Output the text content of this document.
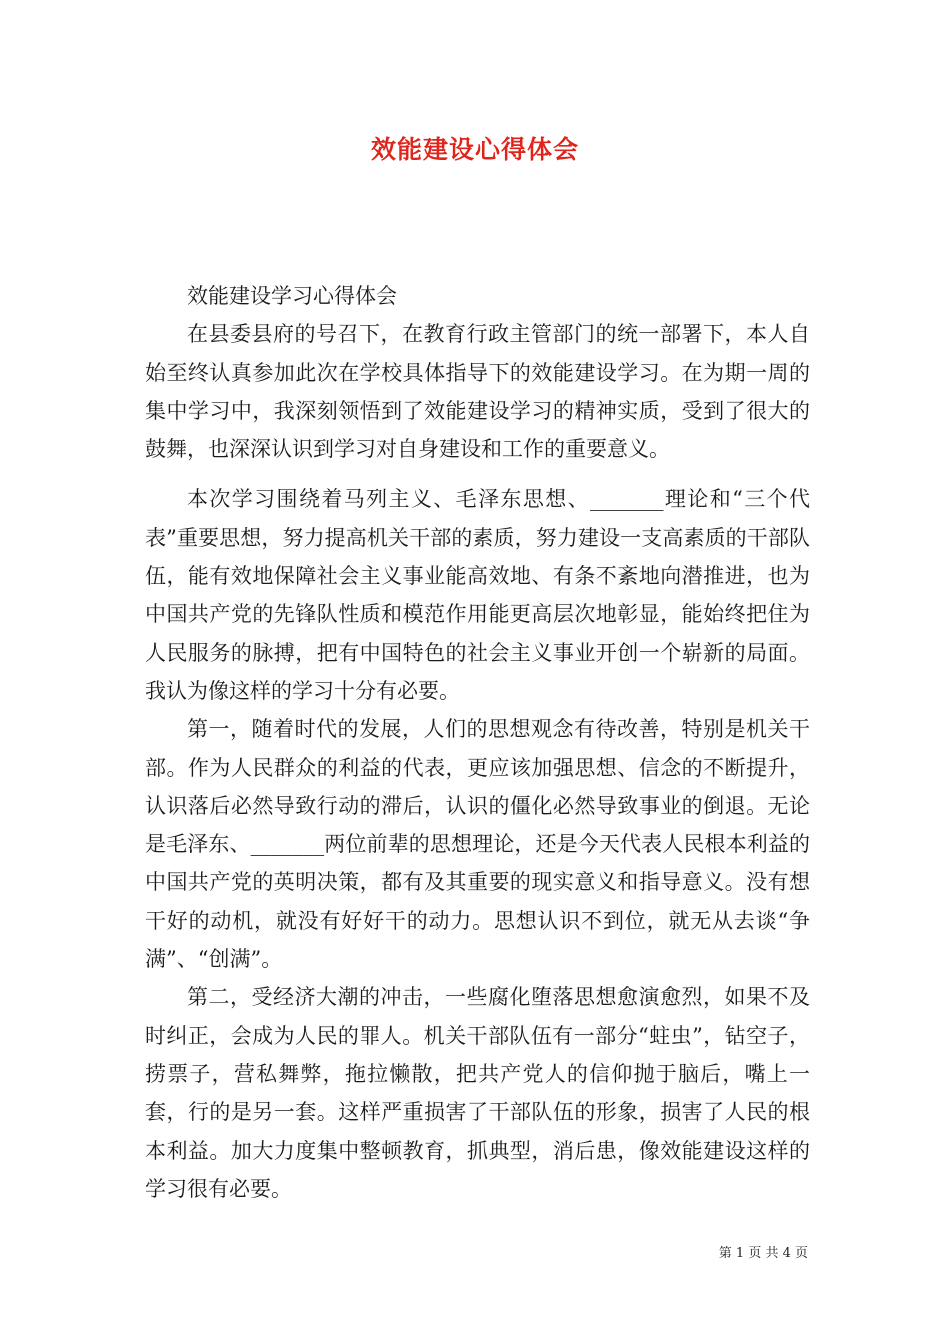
效能建设心得体会

效能建设学习心得体会

在县委县府的号召下，在教育行政主管部门的统一部署下，本人自始至终认真参加此次在学校具体指导下的效能建设学习。在为期一周的集中学习中，我深刻领悟到了效能建设学习的精神实质，受到了很大的鼓舞，也深深认识到学习对自身建设和工作的重要意义。

本次学习围绕着马列主义、毛泽东思想、_______理论和“三个代表”重要思想，努力提高机关干部的素质，努力建设一支高素质的干部队伍，能有效地保障社会主义事业能高效地、有条不紊地向潜推进，也为中国共产党的先锋队性质和模范作用能更高层次地彰显，能始终把住为人民服务的脉搏，把有中国特色的社会主义事业开创一个崭新的局面。我认为像这样的学习十分有必要。

第一，随着时代的发展，人们的思想观念有待改善，特别是机关干部。作为人民群众的利益的代表，更应该加强思想、信念的不断提升，认识落后必然导致行动的滞后，认识的僵化必然导致事业的倒退。无论是毛泽东、_______两位前辈的思想理论，还是今天代表人民根本利益的中国共产党的英明决策，都有及其重要的现实意义和指导意义。没有想干好的动机，就没有好好干的动力。思想认识不到位，就无从去谈“争满”、“创满”。

第二，受经济大潮的冲击，一些腐化堕落思想愈演愈烈，如果不及时纠正，会成为人民的罪人。机关干部队伍有一部分“蛀虫”，钻空子，捞票子，营私舞弊，拖拉懒散，把共产党人的信仰抛于脑后，嘴上一套，行的是另一套。这样严重损害了干部队伍的形象，损害了人民的根本利益。加大力度集中整顿教育，抓典型，消后患，像效能建设这样的学习很有必要。

第 1 页 共 4 页
